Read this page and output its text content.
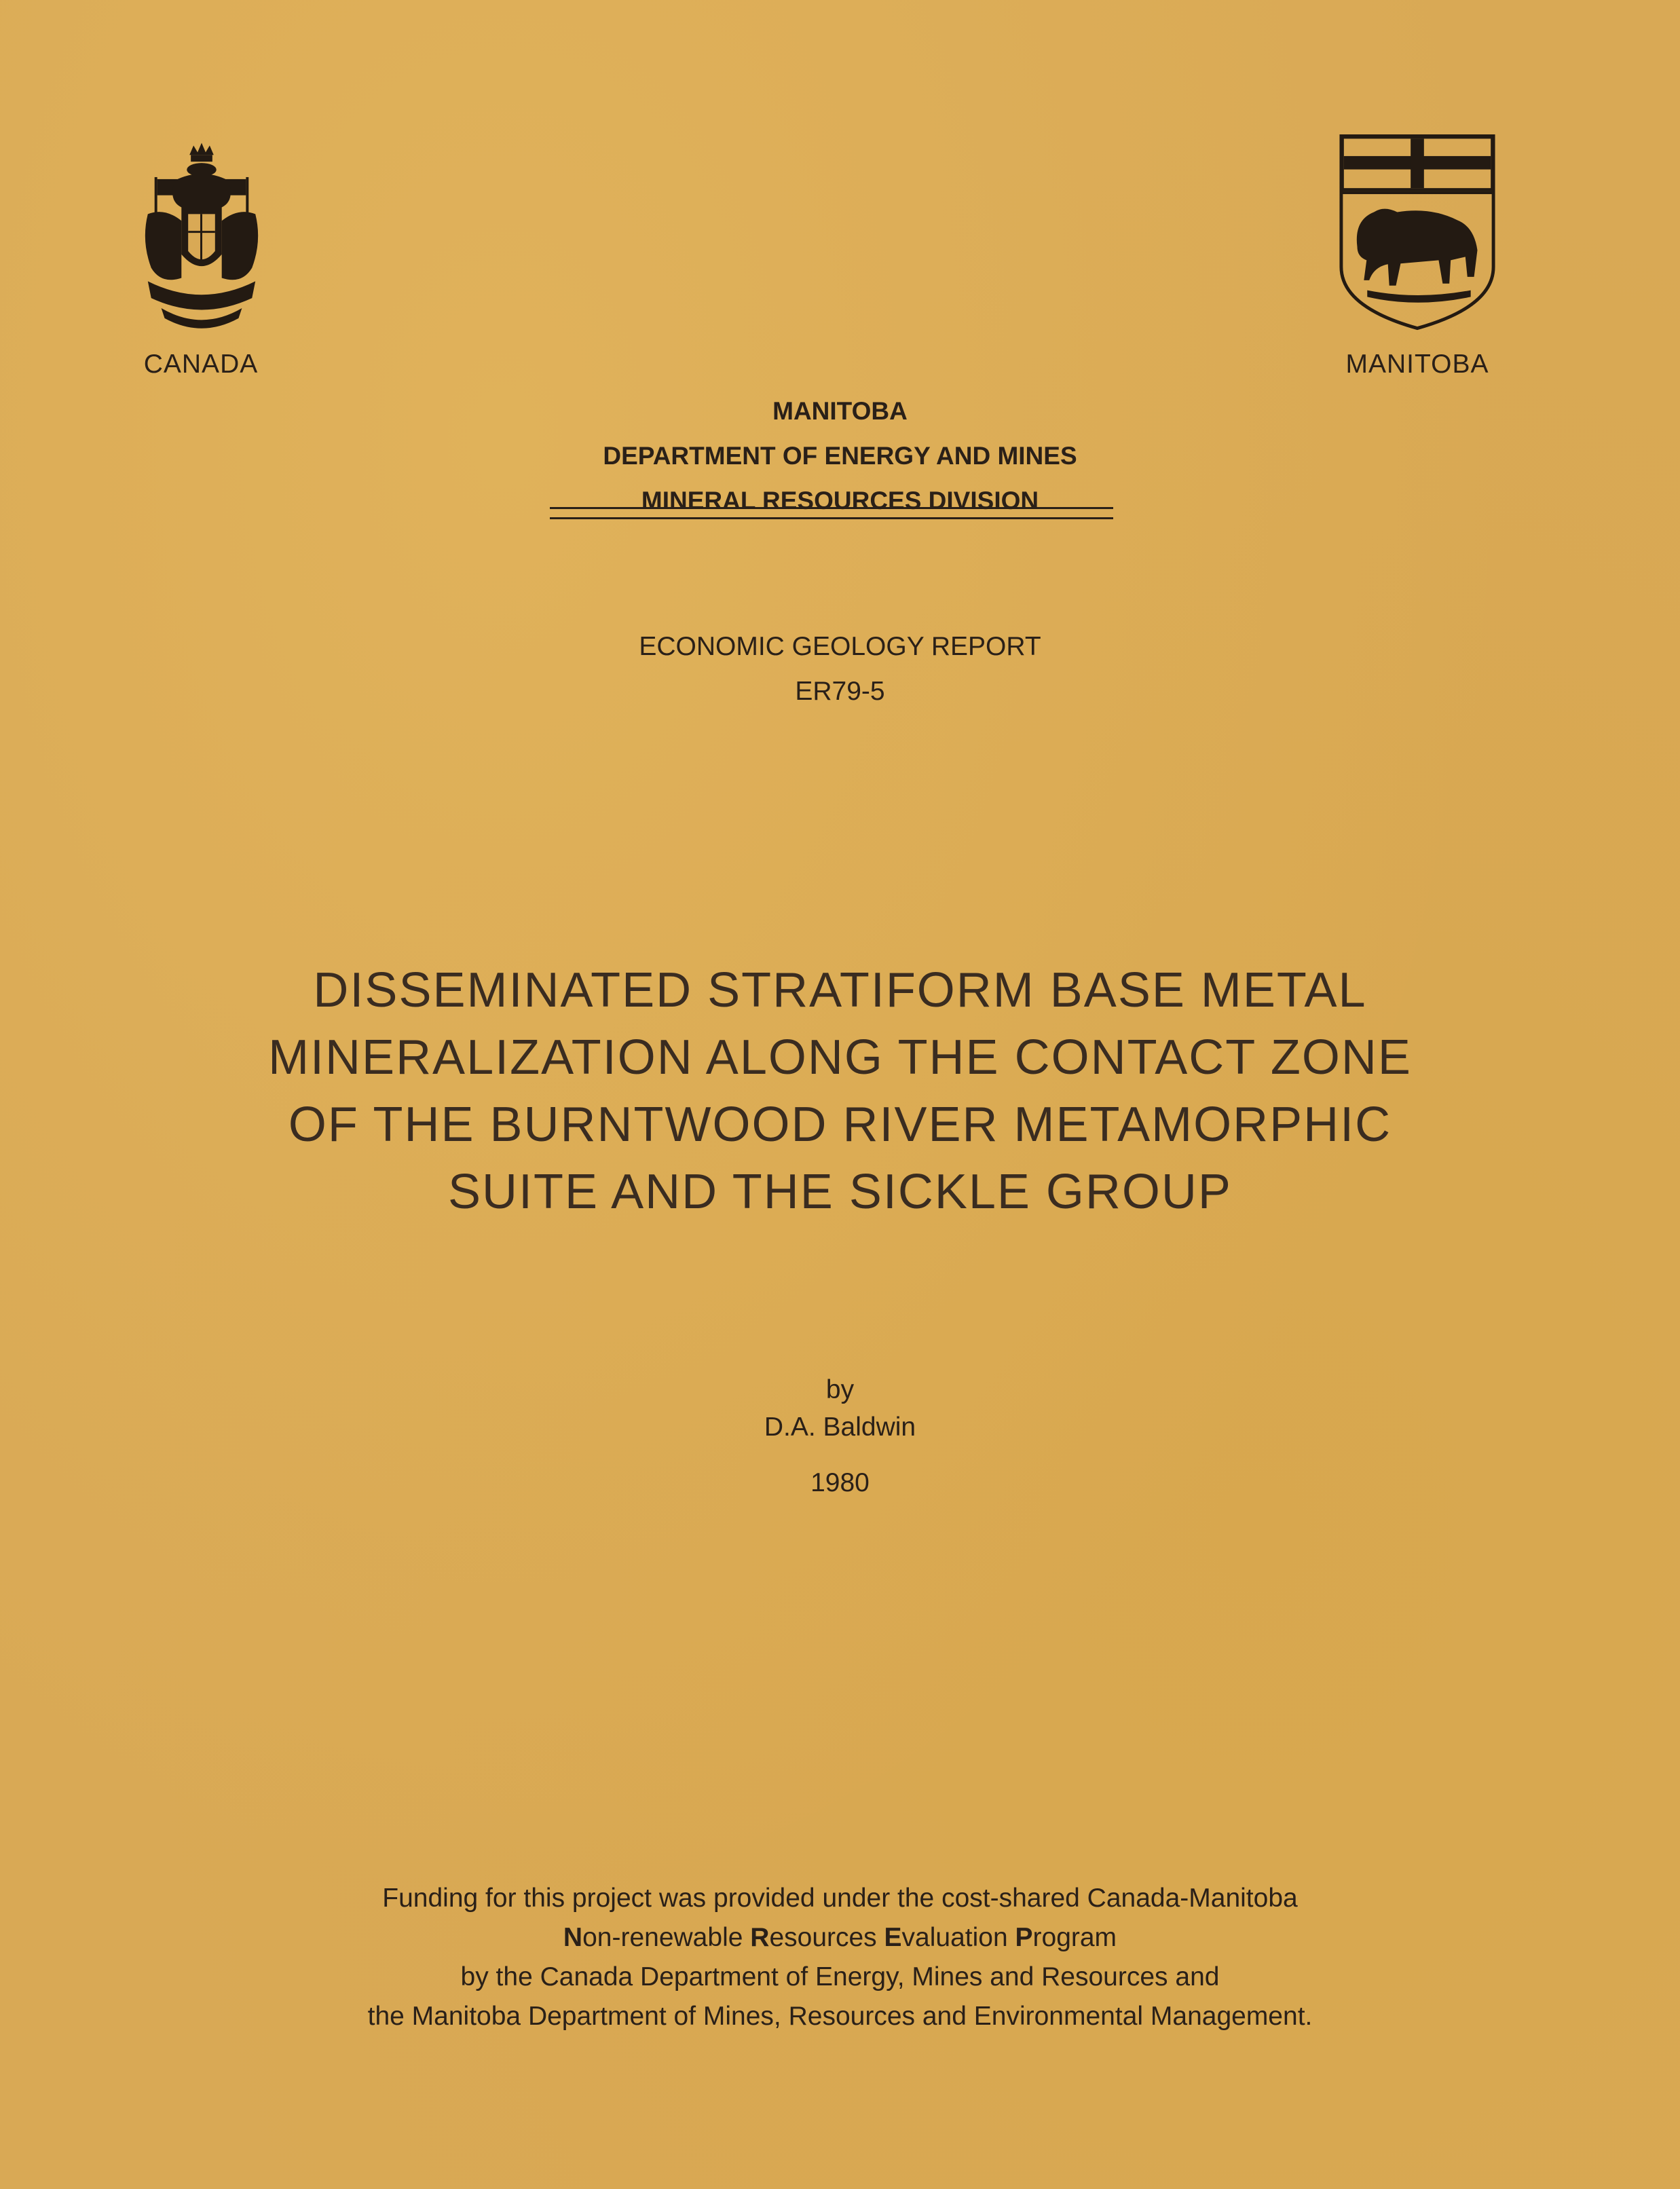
CANADA	MANITOBA
MANITOBA
DEPARTMENT OF ENERGY AND MINES
MINERAL RESOURCES DIVISION
ECONOMIC GEOLOGY REPORT
ER79-5
DISSEMINATED STRATIFORM BASE METAL
MINERALIZATION ALONG THE CONTACT ZONE
OF THE BURNTWOOD RIVER METAMORPHIC
SUITE AND THE SICKLE GROUP
by
D.A. Baldwin
1980
Funding for this project was provided under the cost-shared Canada-Manitoba
Non-renewable Resources Evaluation Program
by the Canada Department of Energy, Mines and Resources and
the Manitoba Department of Mines, Resources and Environmental Management.
